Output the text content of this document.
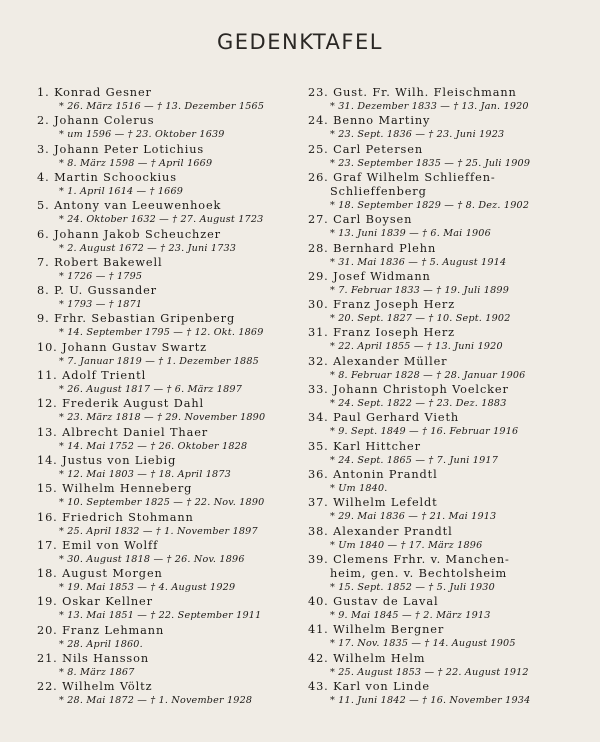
GEDENKTAFEL
1. Konrad Gesner
* 26. März 1516 — † 13. Dezember 1565
2. Johann Colerus
* um 1596 — † 23. Oktober 1639
3. Johann Peter Lotichius
* 8. März 1598 — † April 1669
4. Martin Schoockius
* 1. April 1614 — † 1669
5. Antony van Leeuwenhoek
* 24. Oktober 1632 — † 27. August 1723
6. Johann Jakob Scheuchzer
* 2. August 1672 — † 23. Juni 1733
7. Robert Bakewell
* 1726 — † 1795
8. P. U. Gussander
* 1793 — † 1871
9. Frhr. Sebastian Gripenberg
* 14. September 1795 — † 12. Okt. 1869
10. Johann Gustav Swartz
* 7. Januar 1819 — † 1. Dezember 1885
11. Adolf Trientl
* 26. August 1817 — † 6. März 1897
12. Frederik August Dahl
* 23. März 1818 — † 29. November 1890
13. Albrecht Daniel Thaer
* 14. Mai 1752 — † 26. Oktober 1828
14. Justus von Liebig
* 12. Mai 1803 — † 18. April 1873
15. Wilhelm Henneberg
* 10. September 1825 — † 22. Nov. 1890
16. Friedrich Stohmann
* 25. April 1832 — † 1. November 1897
17. Emil von Wolff
* 30. August 1818 — † 26. Nov. 1896
18. August Morgen
* 19. Mai 1853 — † 4. August 1929
19. Oskar Kellner
* 13. Mai 1851 — † 22. September 1911
20. Franz Lehmann
* 28. April 1860.
21. Nils Hansson
* 8. März 1867
22. Wilhelm Völtz
* 28. Mai 1872 — † 1. November 1928
23. Gust. Fr. Wilh. Fleischmann
* 31. Dezember 1833 — † 13. Jan. 1920
24. Benno Martiny
* 23. Sept. 1836 — † 23. Juni 1923
25. Carl Petersen
* 23. September 1835 — † 25. Juli 1909
26. Graf Wilhelm Schlieffen-
Schlieffenberg
* 18. September 1829 — † 8. Dez. 1902
27. Carl Boysen
* 13. Juni 1839 — † 6. Mai 1906
28. Bernhard Plehn
* 31. Mai 1836 — † 5. August 1914
29. Josef Widmann
* 7. Februar 1833 — † 19. Juli 1899
30. Franz Joseph Herz
* 20. Sept. 1827 — † 10. Sept. 1902
31. Franz Ioseph Herz
* 22. April 1855 — † 13. Juni 1920
32. Alexander Müller
* 8. Februar 1828 — † 28. Januar 1906
33. Johann Christoph Voelcker
* 24. Sept. 1822 — † 23. Dez. 1883
34. Paul Gerhard Vieth
* 9. Sept. 1849 — † 16. Februar 1916
35. Karl Hittcher
* 24. Sept. 1865 — † 7. Juni 1917
36. Antonin Prandtl
* Um 1840.
37. Wilhelm Lefeldt
* 29. Mai 1836 — † 21. Mai 1913
38. Alexander Prandtl
* Um 1840 — † 17. März 1896
39. Clemens Frhr. v. Manchen-
heim, gen. v. Bechtolsheim
* 15. Sept. 1852 — † 5. Juli 1930
40. Gustav de Laval
* 9. Mai 1845 — † 2. März 1913
41. Wilhelm Bergner
* 17. Nov. 1835 — † 14. August 1905
42. Wilhelm Helm
* 25. August 1853 — † 22. August 1912
43. Karl von Linde
* 11. Juni 1842 — † 16. November 1934
